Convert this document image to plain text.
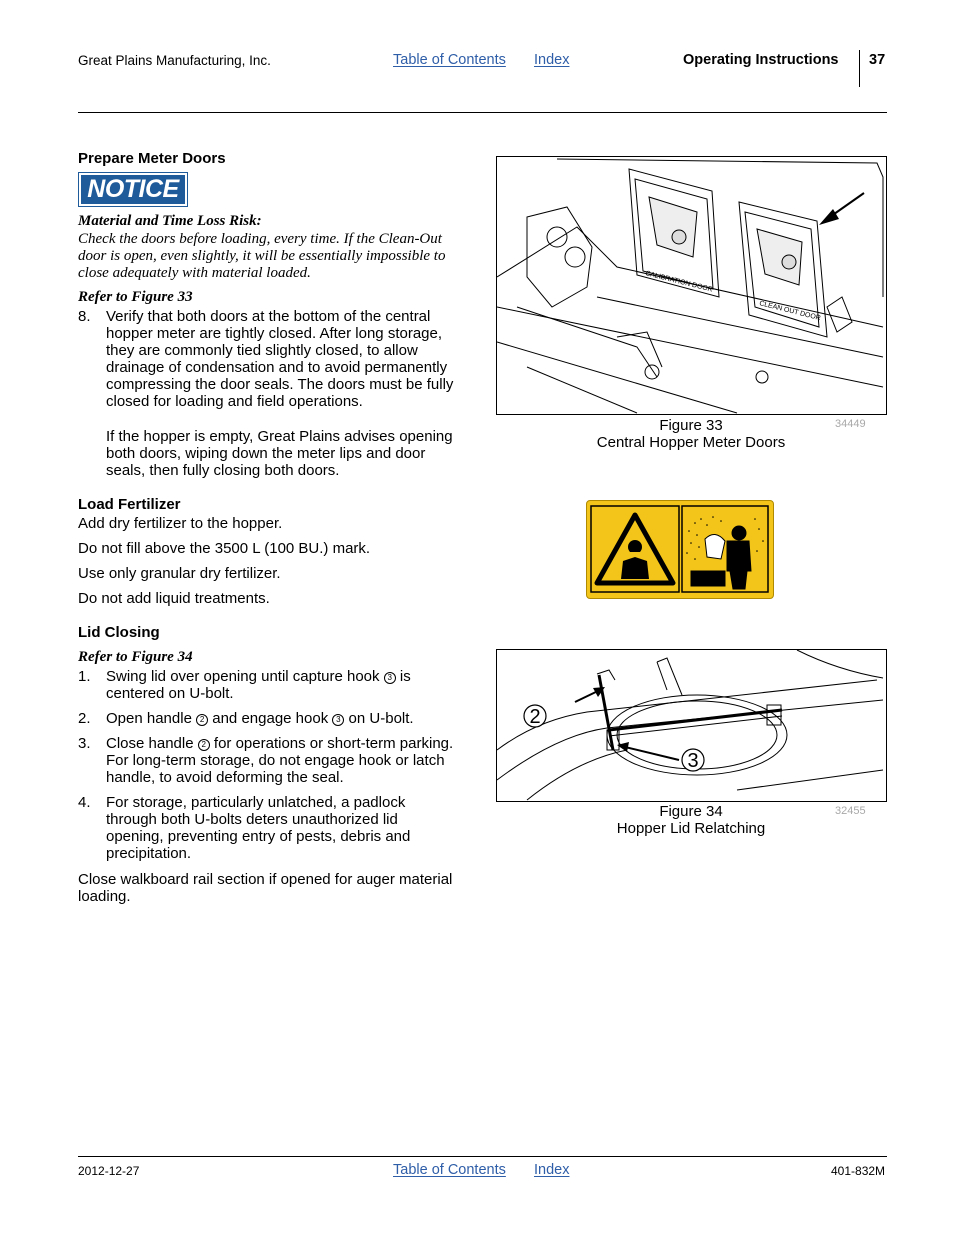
Great Plains Manufacturing, Inc.	Table of Contents Index	Operating Instructions 37
Prepare Meter Doors
NOTICE
Material and Time Loss Risk:
Check the doors before loading, every time. If the Clean-Out
door is open, even slightly, it will be essentially impossible to
close adequately with material loaded.
Refer to Figure 33
8. Verify that both doors at the bottom of the central
hopper meter are tightly closed. After long storage,
they are commonly tied slightly closed, to allow
drainage of condensation and to avoid permanently
compressing the door seals. The doors must be fully
closed for loading and field operations.
If the hopper is empty, Great Plains advises opening
both doors, wiping down the meter lips and door
seals, then fully closing both doors.
Load Fertilizer
Add dry fertilizer to the hopper.
Do not fill above the 3500 L (100 BU.) mark.
Use only granular dry fertilizer.
Do not add liquid treatments.
Lid Closing
Refer to Figure 34
1. Swing lid over opening until capture hook 3 is
centered on U-bolt.
2. Open handle 2 and engage hook 3 on U-bolt.
3. Close handle 2 for operations or short-term parking.
For long-term storage, do not engage hook or latch
handle, to avoid deforming the seal.
4. For storage, particularly unlatched, a padlock
through both U-bolts deters unauthorized lid
opening, preventing entry of pests, debris and
precipitation.
Close walkboard rail section if opened for auger material
loading.
CALIBRATION DOOR
CLEAN OUT DOOR
Figure 33
Central Hopper Meter Doors
34449
2
3
Figure 34
Hopper Lid Relatching
32455
2012-12-27	Table of Contents Index	401-832M
